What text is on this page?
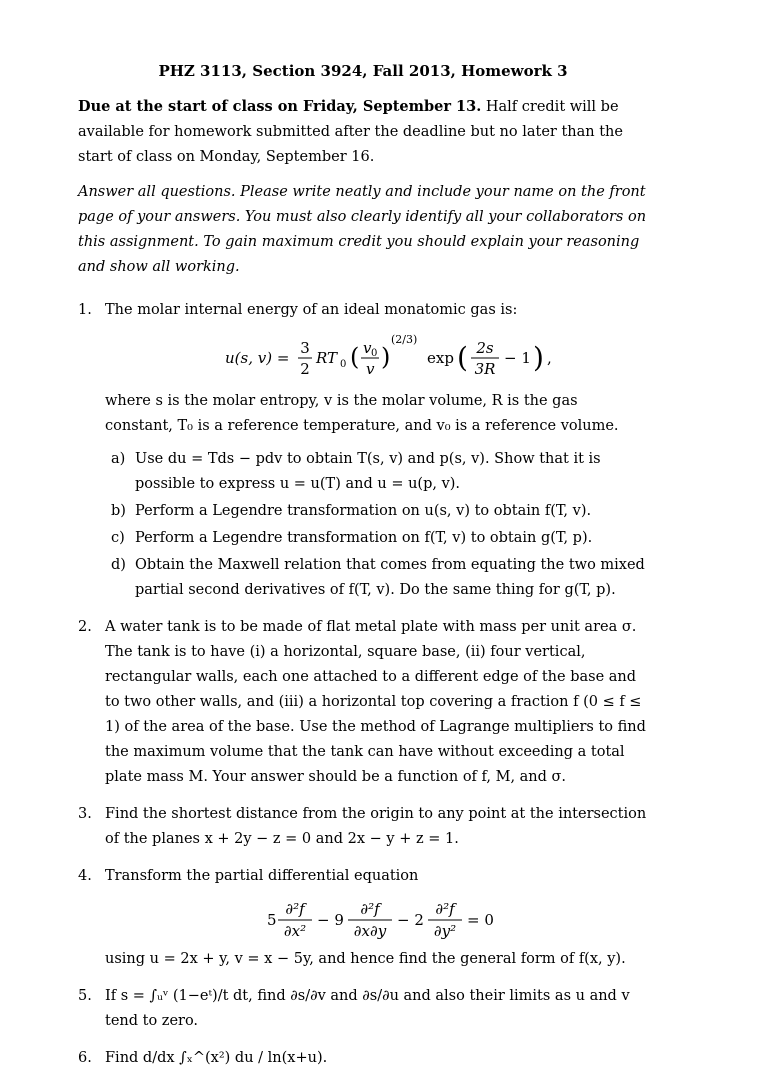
PHZ 3113, Section 3924, Fall 2013, Homework 3

Due at the start of class on Friday, September 13. Half credit will be available for homework submitted after the deadline but no later than the start of class on Monday, September 16.

Answer all questions. Please write neatly and include your name on the front page of your answers. You must also clearly identify all your collaborators on this assignment. To gain maximum credit you should explain your reasoning and show all working.

1. The molar internal energy of an ideal monatomic gas is:
u(s, v) =
3
2
RT 0 ( v 0
v )
(2/3)
exp ( 2s
3R
− 1 ) ,
where s is the molar entropy, v is the molar volume, R is the gas constant, T₀ is a reference temperature, and v₀ is a reference volume.
a) Use du = Tds − pdv to obtain T(s, v) and p(s, v). Show that it is possible to express u = u(T) and u = u(p, v).
b) Perform a Legendre transformation on u(s, v) to obtain f(T, v).
c) Perform a Legendre transformation on f(T, v) to obtain g(T, p).
d) Obtain the Maxwell relation that comes from equating the two mixed partial second derivatives of f(T, v). Do the same thing for g(T, p).
2. A water tank is to be made of flat metal plate with mass per unit area σ. The tank is to have (i) a horizontal, square base, (ii) four vertical, rectangular walls, each one attached to a different edge of the base and to two other walls, and (iii) a horizontal top covering a fraction f (0 ≤ f ≤ 1) of the area of the base. Use the method of Lagrange multipliers to find the maximum volume that the tank can have without exceeding a total plate mass M. Your answer should be a function of f, M, and σ.
3. Find the shortest distance from the origin to any point at the intersection of the planes x + 2y − z = 0 and 2x − y + z = 1.
4. Transform the partial differential equation
5
∂²f
∂x²
− 9
∂²f
∂x∂y
− 2
∂²f
∂y²
= 0
using u = 2x + y, v = x − 5y, and hence find the general form of f(x, y).
5. If s = ∫ᵤᵛ (1−eᵗ)/t dt, find ∂s/∂v and ∂s/∂u and also their limits as u and v tend to zero.
6. Find d/dx ∫ₓ^(x²) du / ln(x+u).
